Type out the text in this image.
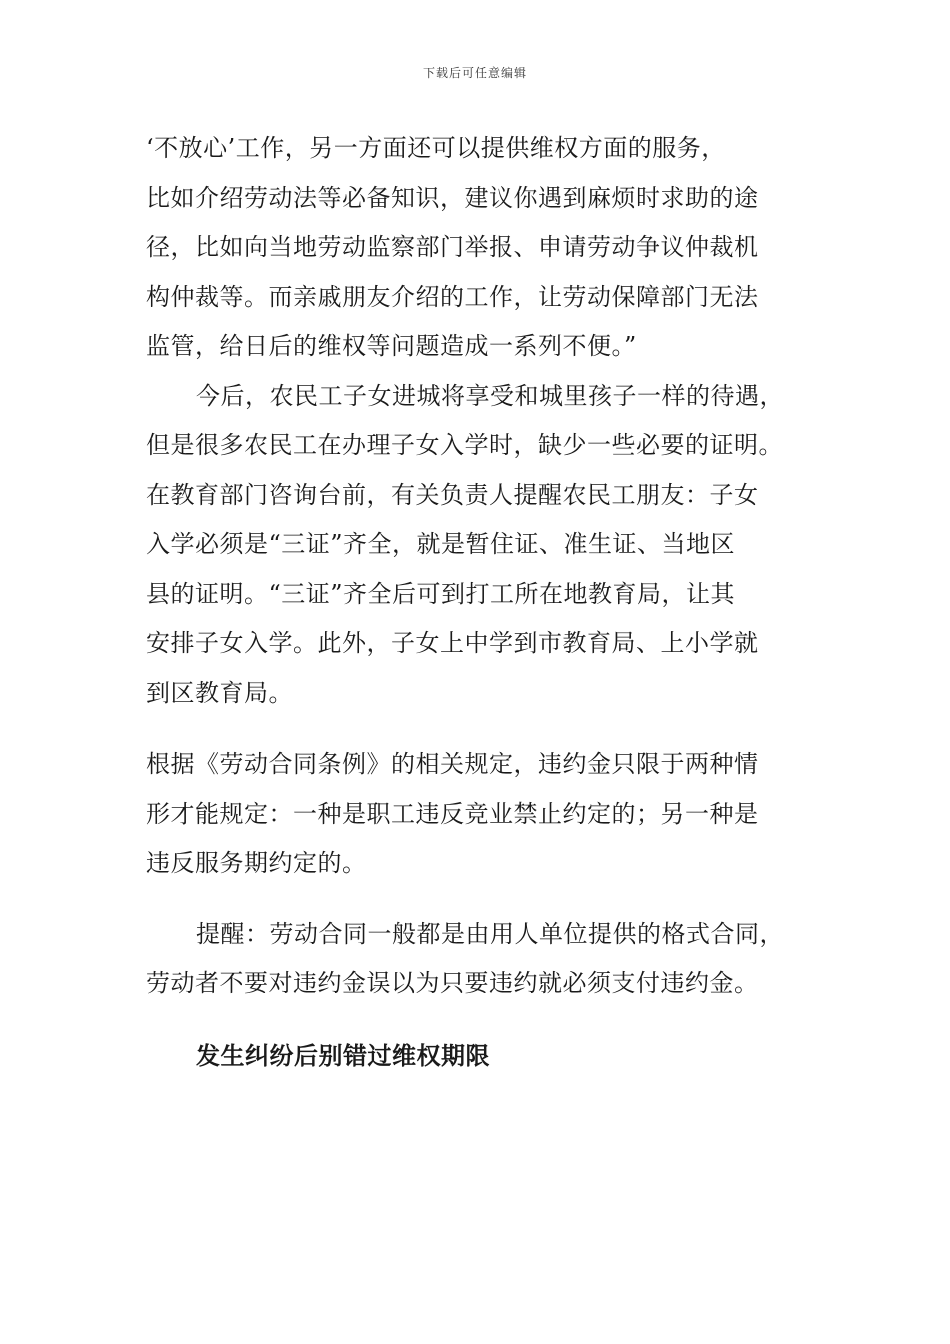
下载后可任意编辑

‘不放心’工作，另一方面还可以提供维权方面的服务，
比如介绍劳动法等必备知识，建议你遇到麻烦时求助的途
径，比如向当地劳动监察部门举报、申请劳动争议仲裁机
构仲裁等。而亲戚朋友介绍的工作，让劳动保障部门无法
监管，给日后的维权等问题造成一系列不便。”

今后，农民工子女进城将享受和城里孩子一样的待遇，
但是很多农民工在办理子女入学时，缺少一些必要的证明。
在教育部门咨询台前，有关负责人提醒农民工朋友：子女
入学必须是“三证”齐全，就是暂住证、准生证、当地区
县的证明。“三证”齐全后可到打工所在地教育局，让其
安排子女入学。此外，子女上中学到市教育局、上小学就
到区教育局。

根据《劳动合同条例》的相关规定，违约金只限于两种情
形才能规定：一种是职工违反竞业禁止约定的；另一种是
违反服务期约定的。

提醒：劳动合同一般都是由用人单位提供的格式合同，
劳动者不要对违约金误以为只要违约就必须支付违约金。

发生纠纷后别错过维权期限
